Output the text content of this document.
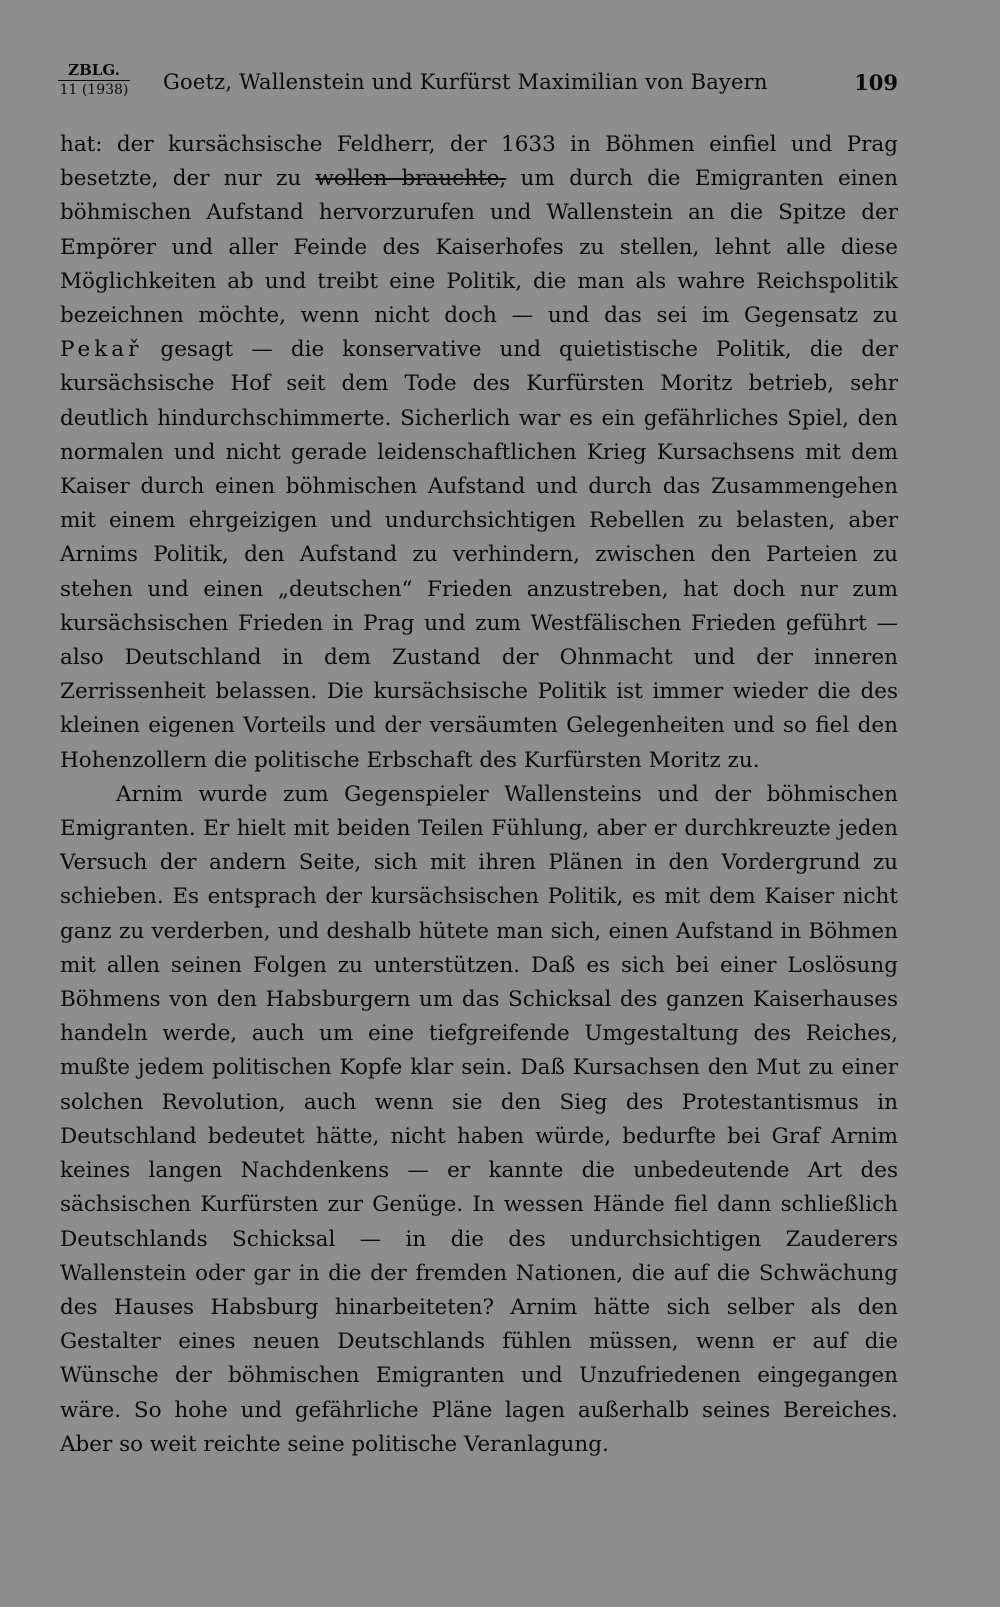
ZBLG.
11 (1938) Goetz, Wallenstein und Kurfürst Maximilian von Bayern	109

hat: der kursächsische Feldherr, der 1633 in Böhmen einfiel und Prag besetzte, der nur zu wollen brauchte, um durch die Emigranten einen böhmischen Aufstand hervorzurufen und Wallenstein an die Spitze der Empörer und aller Feinde des Kaiserhofes zu stellen, lehnt alle diese Möglichkeiten ab und treibt eine Politik, die man als wahre Reichspolitik bezeichnen möchte, wenn nicht doch — und das sei im Gegensatz zu Pekař gesagt — die konservative und quietistische Politik, die der kursächsische Hof seit dem Tode des Kurfürsten Moritz betrieb, sehr deutlich hindurchschimmerte. Sicherlich war es ein gefährliches Spiel, den normalen und nicht gerade leidenschaftlichen Krieg Kursachsens mit dem Kaiser durch einen böhmischen Aufstand und durch das Zusammengehen mit einem ehrgeizigen und undurchsichtigen Rebellen zu belasten, aber Arnims Politik, den Aufstand zu verhindern, zwischen den Parteien zu stehen und einen „deutschen“ Frieden anzustreben, hat doch nur zum kursächsischen Frieden in Prag und zum Westfälischen Frieden geführt — also Deutschland in dem Zustand der Ohnmacht und der inneren Zerrissenheit belassen. Die kursächsische Politik ist immer wieder die des kleinen eigenen Vorteils und der versäumten Gelegenheiten und so fiel den Hohenzollern die politische Erbschaft des Kurfürsten Moritz zu.

Arnim wurde zum Gegenspieler Wallensteins und der böhmischen Emigranten. Er hielt mit beiden Teilen Fühlung, aber er durchkreuzte jeden Versuch der andern Seite, sich mit ihren Plänen in den Vordergrund zu schieben. Es entsprach der kursächsischen Politik, es mit dem Kaiser nicht ganz zu verderben, und deshalb hütete man sich, einen Aufstand in Böhmen mit allen seinen Folgen zu unterstützen. Daß es sich bei einer Loslösung Böhmens von den Habsburgern um das Schicksal des ganzen Kaiserhauses handeln werde, auch um eine tiefgreifende Umgestaltung des Reiches, mußte jedem politischen Kopfe klar sein. Daß Kursachsen den Mut zu einer solchen Revolution, auch wenn sie den Sieg des Protestantismus in Deutschland bedeutet hätte, nicht haben würde, bedurfte bei Graf Arnim keines langen Nachdenkens — er kannte die unbedeutende Art des sächsischen Kurfürsten zur Genüge. In wessen Hände fiel dann schließlich Deutschlands Schicksal — in die des undurchsichtigen Zauderers Wallenstein oder gar in die der fremden Nationen, die auf die Schwächung des Hauses Habsburg hinarbeiteten? Arnim hätte sich selber als den Gestalter eines neuen Deutschlands fühlen müssen, wenn er auf die Wünsche der böhmischen Emigranten und Unzufriedenen eingegangen wäre. So hohe und gefährliche Pläne lagen außerhalb seines Bereiches. Aber so weit reichte seine politische Veranlagung.
